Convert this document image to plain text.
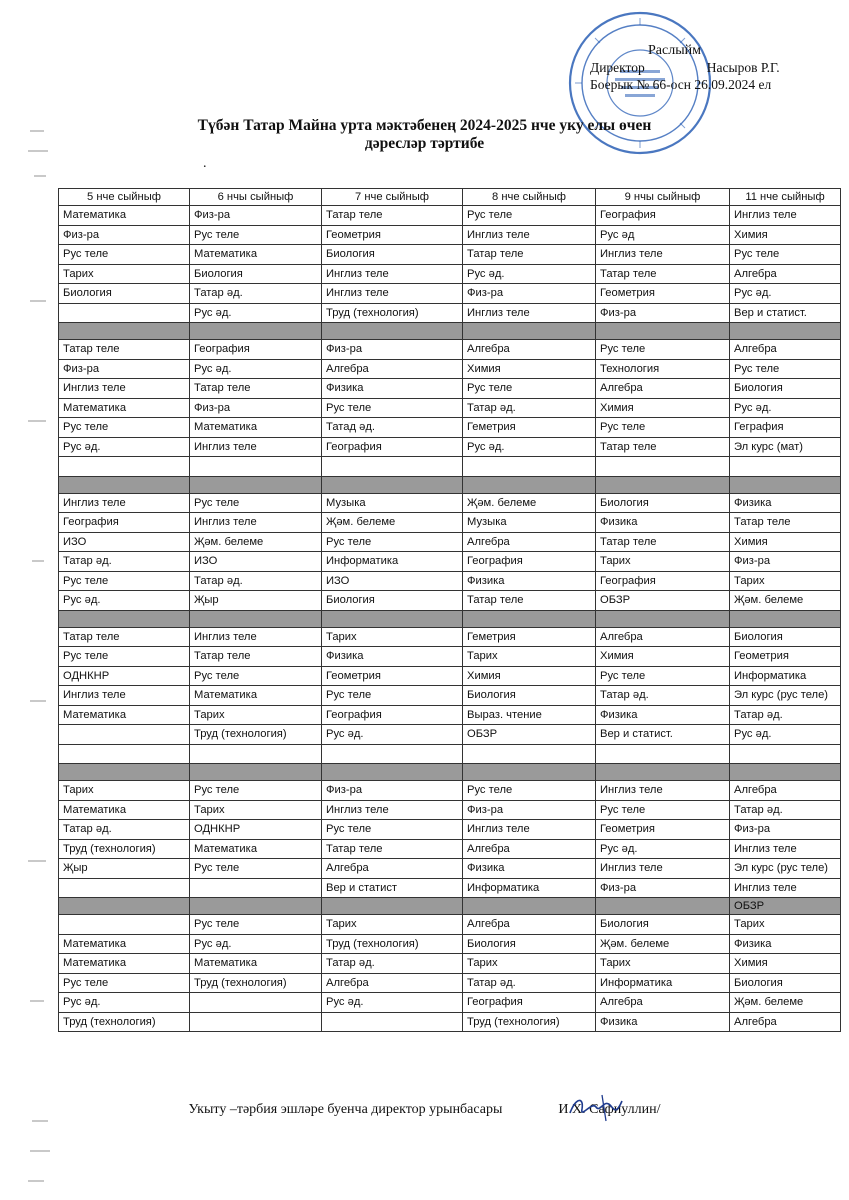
Раслыйм
Директор	Насыров Р.Г.
Боерык № 66-осн 26.09.2024 ел
Түбән Татар Майна урта мәктәбенең 2024-2025 нче уку елы өчен
дәресләр тәртибе
.
5 нче сыйныф	6 нчы сыйныф	7 нче сыйныф	8 нче сыйныф	9 нчы сыйныф	11 нче сыйныф
Математика	Физ-ра	Татар теле	Рус теле	География	Инглиз теле
Физ-ра	Рус теле	Геометрия	Инглиз теле	Рус әд	Химия
Рус теле	Математика	Биология	Татар теле	Инглиз теле	Рус теле
Тарих	Биология	Инглиз теле	Рус әд.	Татар теле	Алгебра
Биология	Татар әд.	Инглиз теле	Физ-ра	Геометрия	Рус әд.
	Рус әд.	Труд (технология)	Инглиз теле	Физ-ра	Вер и статист.

Татар теле	География	Физ-ра	Алгебра	Рус теле	Алгебра
Физ-ра	Рус әд.	Алгебра	Химия	Технология	Рус теле
Инглиз теле	Татар теле	Физика	Рус теле	Алгебра	Биология
Математика	Физ-ра	Рус теле	Татар әд.	Химия	Рус әд.
Рус теле	Математика	Татад әд.	Геметрия	Рус теле	Геграфия
Рус әд.	Инглиз теле	География	Рус әд.	Татар теле	Эл курс (мат)

Инглиз теле	Рус теле	Музыка	Җәм. белеме	Биология	Физика
География	Инглиз теле	Җәм. белеме	Музыка	Физика	Татар теле
ИЗО	Җәм. белеме	Рус теле	Алгебра	Татар теле	Химия
Татар әд.	ИЗО	Информатика	География	Тарих	Физ-ра
Рус теле	Татар әд.	ИЗО	Физика	География	Тарих
Рус әд.	Җыр	Биология	Татар теле	ОБЗР	Җәм. белеме

Татар теле	Инглиз теле	Тарих	Геметрия	Алгебра	Биология
Рус теле	Татар теле	Физика	Тарих	Химия	Геометрия
ОДНКНР	Рус теле	Геометрия	Химия	Рус теле	Информатика
Инглиз теле	Математика	Рус теле	Биология	Татар әд.	Эл курс (рус теле)
Математика	Тарих	География	Выраз. чтение	Физика	Татар әд.
	Труд (технология)	Рус әд.	ОБЗР	Вер и статист.	Рус әд.

Тарих	Рус теле	Физ-ра	Рус теле	Инглиз теле	Алгебра
Математика	Тарих	Инглиз теле	Физ-ра	Рус теле	Татар әд.
Татар әд.	ОДНКНР	Рус теле	Инглиз теле	Геометрия	Физ-ра
Труд (технология)	Математика	Татар теле	Алгебра	Рус әд.	Инглиз теле
Җыр	Рус теле	Алгебра	Физика	Инглиз теле	Эл курс (рус теле)
		Вер и статист	Информатика	Физ-ра	Инглиз теле
					ОБЗР
	Рус теле	Тарих	Алгебра	Биология	Тарих
Математика	Рус әд.	Труд (технология)	Биология	Җәм. белеме	Физика
Математика	Математика	Татар әд.	Тарих	Тарих	Химия
Рус теле	Труд (технология)	Алгебра	Татар әд.	Информатика	Биология
Рус әд.		Рус әд.	География	Алгебра	Җәм. белеме
Труд (технология)			Труд (технология)	Физика	Алгебра
Укыту –тәрбия эшләре буенча директор урынбасары	И.Х. Сафиуллин/
